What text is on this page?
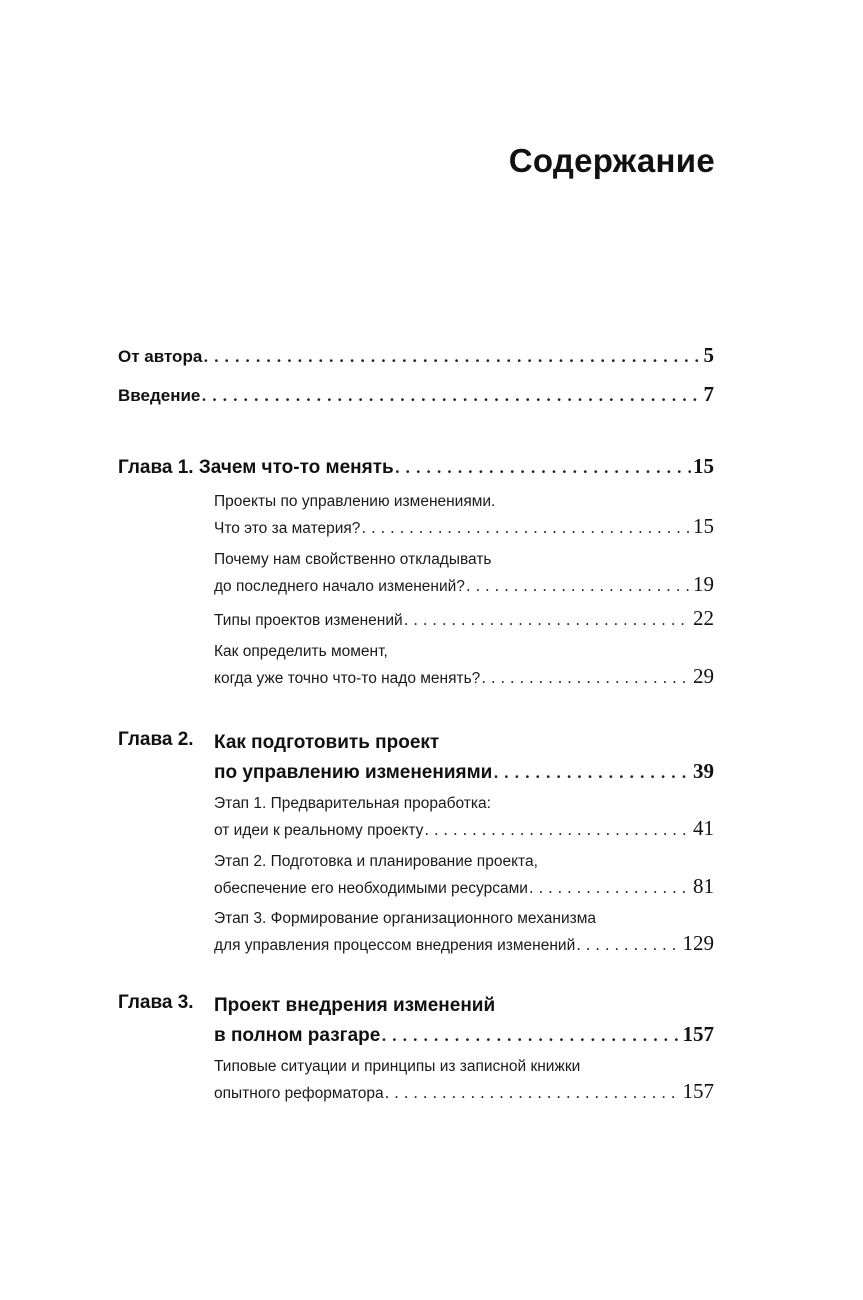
Содержание
От автора . . .	5
Введение . . .	7
Глава 1. Зачем что-то менять . . .	15
Проекты по управлению изменениями.
Что это за материя? . . .	15
Почему нам свойственно откладывать
до последнего начало изменений? . . .	19
Типы проектов изменений . . .	22
Как определить момент,
когда уже точно что-то надо менять? . . .	29
Глава 2. Как подготовить проект
по управлению изменениями . . .	39
Этап 1. Предварительная проработка:
от идеи к реальному проекту . . .	41
Этап 2. Подготовка и планирование проекта,
обеспечение его необходимыми ресурсами . . .	81
Этап 3. Формирование организационного механизма
для управления процессом внедрения изменений . . .	129
Глава 3. Проект внедрения изменений
в полном разгаре . . .	157
Типовые ситуации и принципы из записной книжки
опытного реформатора . . .	157
